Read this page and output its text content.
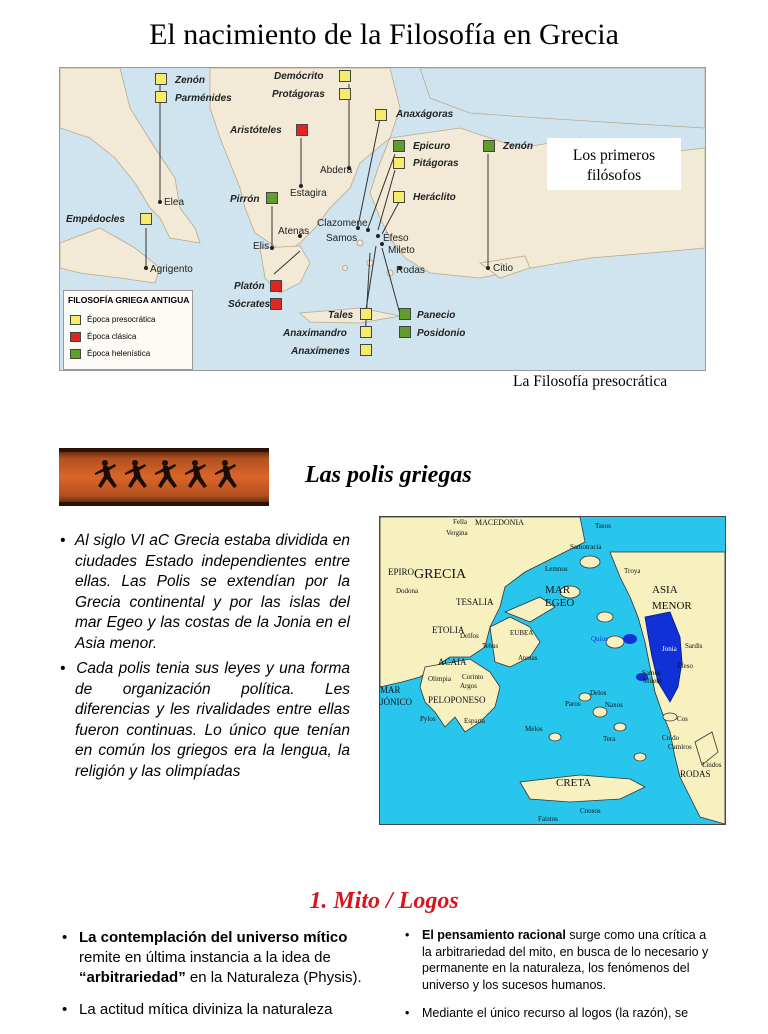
El nacimiento de la Filosofía en Grecia
Zenón
Parménides
Demócrito
Protágoras
Anaxágoras
Aristóteles
Epicuro
Pitágoras
Zenón
Abdera
Estagira
Pirrón	Heráclito
Elea
Empédocles	Clazomene
Atenas
Samos	Éfeso
Elis	Mileto
Agrigento	Rodas	Citio
Platón
Sócrates
Tales	Panecio
Anaximandro	Posidonio
Anaxímenes
FILOSOFÍA GRIEGA ANTIGUA
Época presocrática
Época clásica
Época helenística
Los primeros
filósofos
La Filosofía presocrática
Las polis griegas

•  Al siglo VI aC Grecia estaba dividida en ciudades Estado independientes entre ellas. Las Polis se extendían por la Grecia continental y por las islas del mar Egeo y las costas de la Jonia en el Asia menor.

•  Cada polis tenia sus leyes y una forma de organización política. Les diferencias y les rivalidades entre ellas fueron continuas. Lo único que tenían en común los griegos era la lengua, la religión y las olimpíadas

EPIRO GRECIA
MACEDONIA
Fella
Vergina
Dodona
TESALIA
ETOLIA
Delfos
Tebas
EUBEA
Atenas
ACAIA
Olimpia Corinto
Argos
PELOPONESO
Esparta
Pylos
MAR
JÓNICO
MAR
EGEO
Tasos
Samotracia
Lemnos	Troya
ASIA
MENOR
Quios
Jonia Sardis
Éfeso
Samos
Mileto
Delos
Paros	Naxos
Melos
Tera
Cos
Cnido
Camiros
Lindos
RODAS
CRETA
Cnosos
Faistos
1. Mito / Logos
• La contemplación del universo mítico remite en última instancia a la idea de “arbitrariedad” en la Naturaleza (Physis).
• La actitud mítica diviniza la naturaleza
• El pensamiento racional surge como una crítica a la arbitrariedad del mito, en busca de lo necesario y permanente en la naturaleza, los fenómenos del universo y los sucesos humanos.
• Mediante el único recurso al logos (la razón), se
